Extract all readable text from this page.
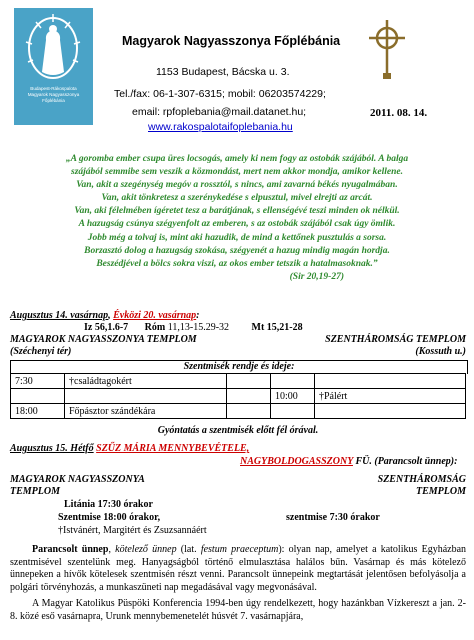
Budapest-Rákospalota
Magyarok Nagyasszonya
Főplébánia
Magyarok Nagyasszonya Főplébánia
1153 Budapest, Bácska u. 3.
Tel./fax: 06-1-307-6315; mobil: 06203574229;
email: rpfoplebania@mail.datanet.hu;
www.rakospalotaifoplebania.hu
2011. 08. 14.
„A goromba ember csupa üres locsogás, amely ki nem fogy az ostobák szájából. A balga
szájából semmibe sem veszik a közmondást, mert nem akkor mondja, amikor kellene.
Van, akit a szegénység megóv a rossztól, s nincs, ami zavarná békés nyugalmában.
Van, akit tönkretesz a szerénykedése s elpusztul, mivel elrejti az arcát.
Van, aki félelmében ígéretet tesz a barátjának, s ellenségévé teszi minden ok nélkül.
A hazugság csúnya szégyenfolt az emberen, s az ostobák szájából csak úgy ömlik.
Jobb még a tolvaj is, mint aki hazudik, de mind a kettőnek pusztulás a sorsa.
Borzasztó dolog a hazugság szokása, szégyenét a hazug mindig magán hordja.
Beszédjével a bölcs sokra viszi, az okos ember tetszik a hatalmasoknak.”
(Sir 20,19-27)
Augusztus 14. vasárnap, Évközi 20. vasárnap:
Iz 56,1.6-7 Róm 11,13-15.29-32 Mt 15,21-28
MAGYAROK NAGYASSZONYA TEMPLOM	SZENTHÁROMSÁG TEMPLOM
(Széchenyi tér)	(Kossuth u.)
Szentmisék rendje és ideje:
7:30	†családtagokért			
			10:00	†Pálért
18:00	Főpásztor szándékára			
Gyóntatás a szentmisék előtt fél órával.
Augusztus 15. Hétfő SZŰZ MÁRIA MENNYBEVÉTELE,
NAGYBOLDOGASSZONY FÜ. (Parancsolt ünnep):
MAGYAROK NAGYASSZONYA	SZENTHÁROMSÁG
TEMPLOM	TEMPLOM
Litánia 17:30 órakor
Szentmise 18:00 órakor,	szentmise 7:30 órakor
†Istvánért, Margitért és Zsuzsannáért

Parancsolt ünnep, kötelező ünnep (lat. festum praeceptum): olyan nap, amelyet a katolikus Egyházban szentmisével szentelünk meg. Hanyagságból történő elmulasztása halálos bűn. Vasárnap és más kötelező ünnepeken a hívők kötelesek szentmisén részt venni. Parancsolt ünnepeink megtartását jelentősen befolyásolja a polgári törvényhozás, a munkaszüneti nap megadásával vagy megvonásával.

A Magyar Katolikus Püspöki Konferencia 1994-ben úgy rendelkezett, hogy hazánkban Vízkereszt a jan. 2-8. közé eső vasárnapra, Urunk mennybemenetelét húsvét 7. vasárnapjára,
